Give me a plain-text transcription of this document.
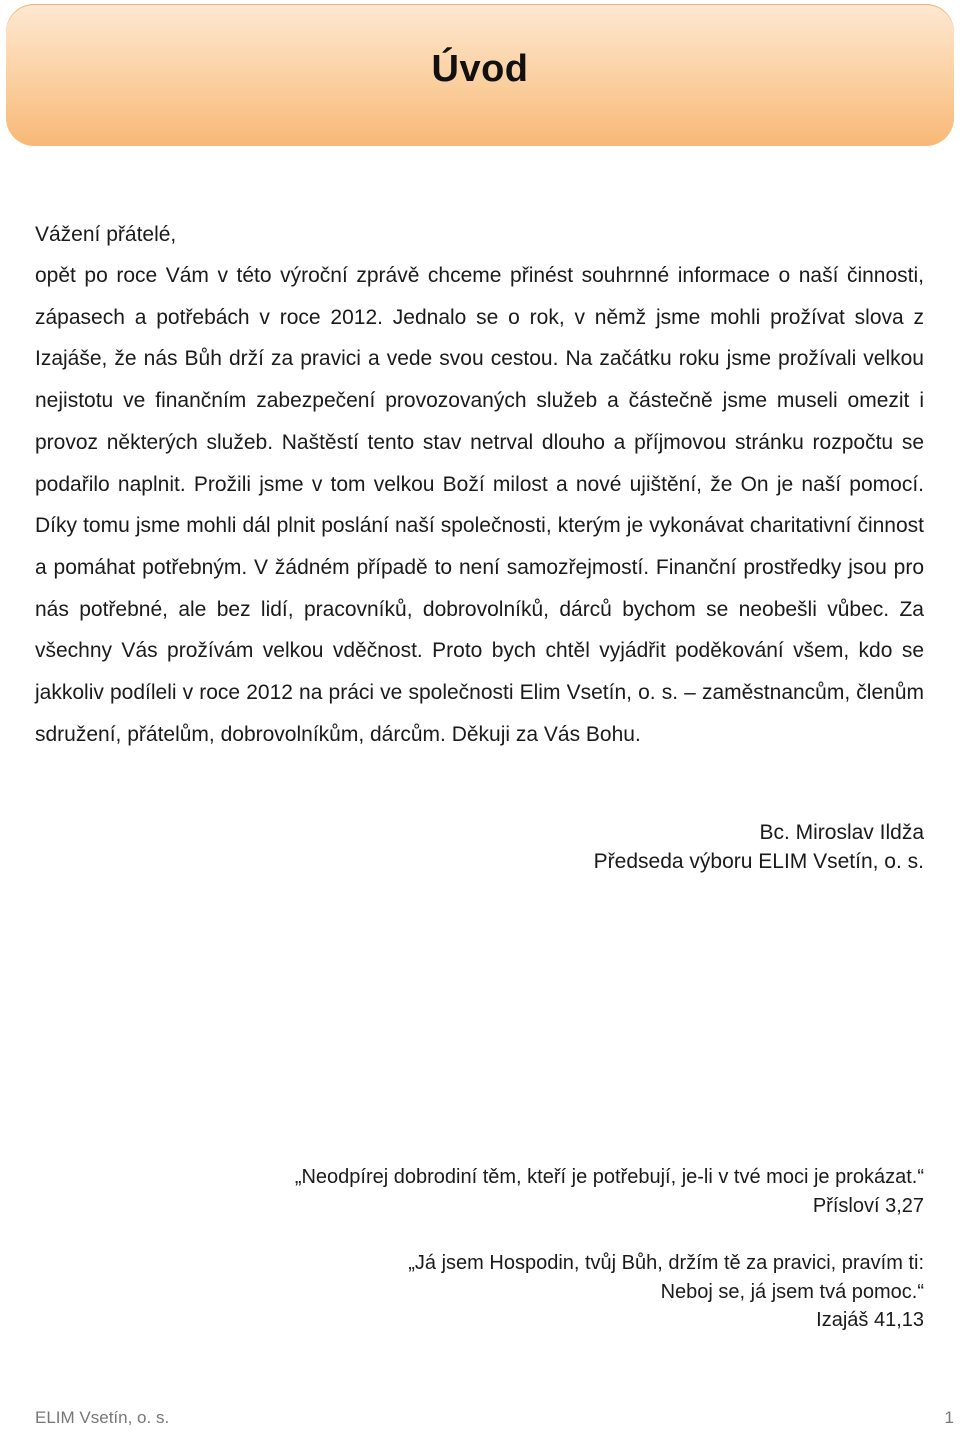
Úvod
Vážení přátelé,
opět po roce Vám v této výroční zprávě chceme přinést souhrnné informace o naší činnosti, zápasech a potřebách v roce 2012. Jednalo se o rok, v němž jsme mohli prožívat slova z Izajáše, že nás Bůh drží za pravici a vede svou cestou. Na začátku roku jsme prožívali velkou nejistotu ve finančním zabezpečení provozovaných služeb a částečně jsme museli omezit i provoz některých služeb. Naštěstí tento stav netrval dlouho a příjmovou stránku rozpočtu se podařilo naplnit. Prožili jsme v tom velkou Boží milost a nové ujištění, že On je naší pomocí. Díky tomu jsme mohli dál plnit poslání naší společnosti, kterým je vykonávat charitativní činnost a pomáhat potřebným. V žádném případě to není samozřejmostí. Finanční prostředky jsou pro nás potřebné, ale bez lidí, pracovníků, dobrovolníků, dárců bychom se neobešli vůbec. Za všechny Vás prožívám velkou vděčnost. Proto bych chtěl vyjádřit poděkování všem, kdo se jakkoliv podíleli v roce 2012 na práci ve společnosti Elim Vsetín, o. s. – zaměstnancům, členům sdružení, přátelům, dobrovolníkům, dárcům. Děkuji za Vás Bohu.
Bc. Miroslav Ildža
Předseda výboru ELIM Vsetín, o. s.
„Neodpírej dobrodiní těm, kteří je potřebují, je-li v tvé moci je prokázat.“
Přísloví 3,27
„Já jsem Hospodin, tvůj Bůh, držím tě za pravici, pravím ti:
Neboj se, já jsem tvá pomoc.“
Izajáš 41,13
ELIM Vsetín, o. s.	1
